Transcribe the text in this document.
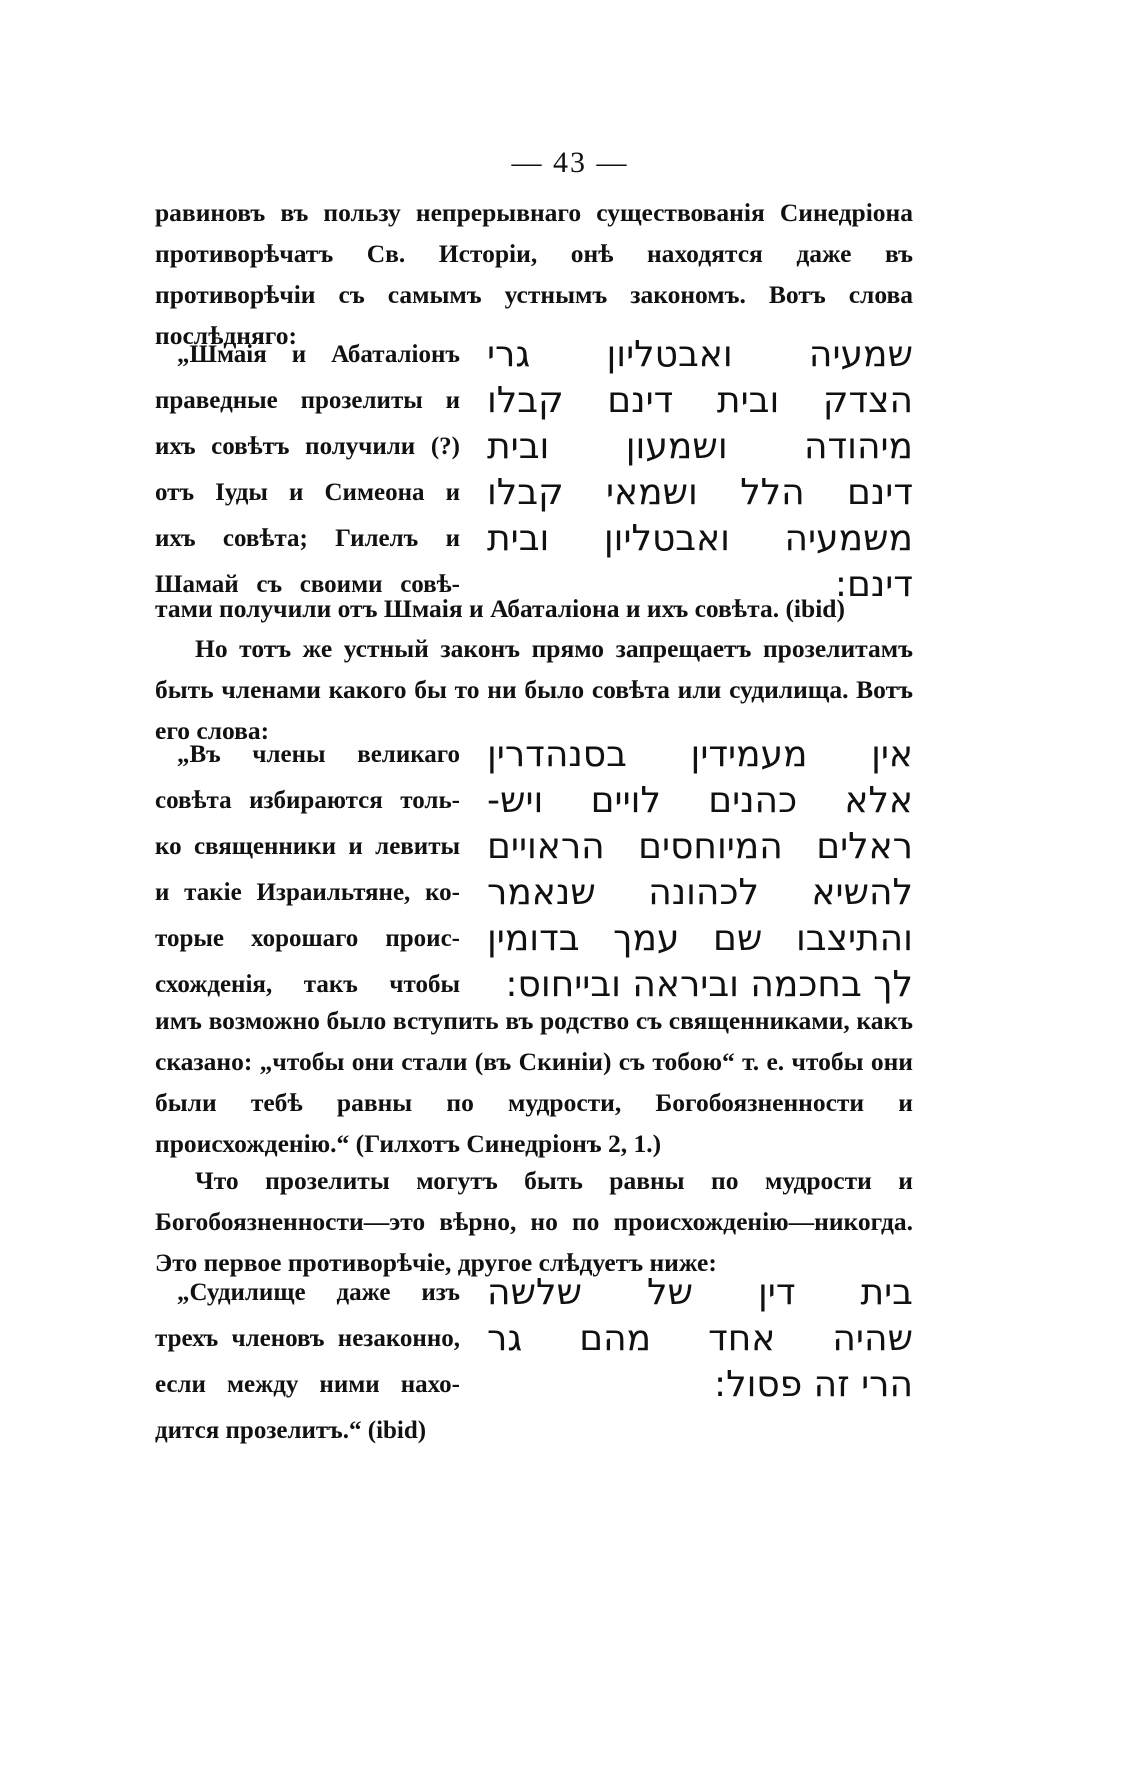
— 43 —
равиновъ въ пользу непрерывнаго существованія Синедріона противорѣчатъ Св. Исторіи, онѣ находятся даже въ противорѣчіи съ самымъ устнымъ закономъ. Вотъ слова послѣдняго:
„Шмаія и Абаталіонъ
праведные прозелиты и
ихъ совѣтъ получили (?)
отъ Іуды и Симеона и
ихъ совѣта; Гилелъ и
Шамай съ своими совѣ-
שמעיה ואבטליון גרי
הצדק ובית דינם קבלו
מיהודה ושמעון ובית
דינם הלל ושמאי קבלו
משמעיה ואבטליון ובית
דינם:
тами получили отъ Шмаія и Абаталіона и ихъ совѣта. (ibid)
Но тотъ же устный законъ прямо запрещаетъ прозелитамъ быть членами какого бы то ни было совѣта или судилища. Вотъ его слова:
„Въ члены великаго
совѣта избираются толь-
ко священники и левиты
и такіе Израильтяне, ко-
торые хорошаго проис-
схожденія, такъ чтобы
אין מעמידין בסנהדרין
אלא כהנים לויים ויש-
ראלים המיוחסים הראויים
להשיא לכהונה שנאמר
והתיצבו שם עמך בדומין
לך בחכמה וביראה ובייחוס:
имъ возможно было вступить въ родство съ священниками, какъ сказано: „чтобы они стали (въ Скиніи) съ тобою“ т. е. чтобы они были тебѣ равны по мудрости, Богобоязненности и происхожденію.“ (Гилхотъ Синедріонъ 2, 1.)
Что прозелиты могутъ быть равны по мудрости и Богобоязненности—это вѣрно, но по происхожденію—никогда. Это первое противорѣчіе, другое слѣдуетъ ниже:
„Судилище даже изъ
трехъ членовъ незаконно,
если между ними нахо-
дится прозелитъ.“ (ibid)
בית דין של שלשה
שהיה אחד מהם גר
הרי זה פסול:
